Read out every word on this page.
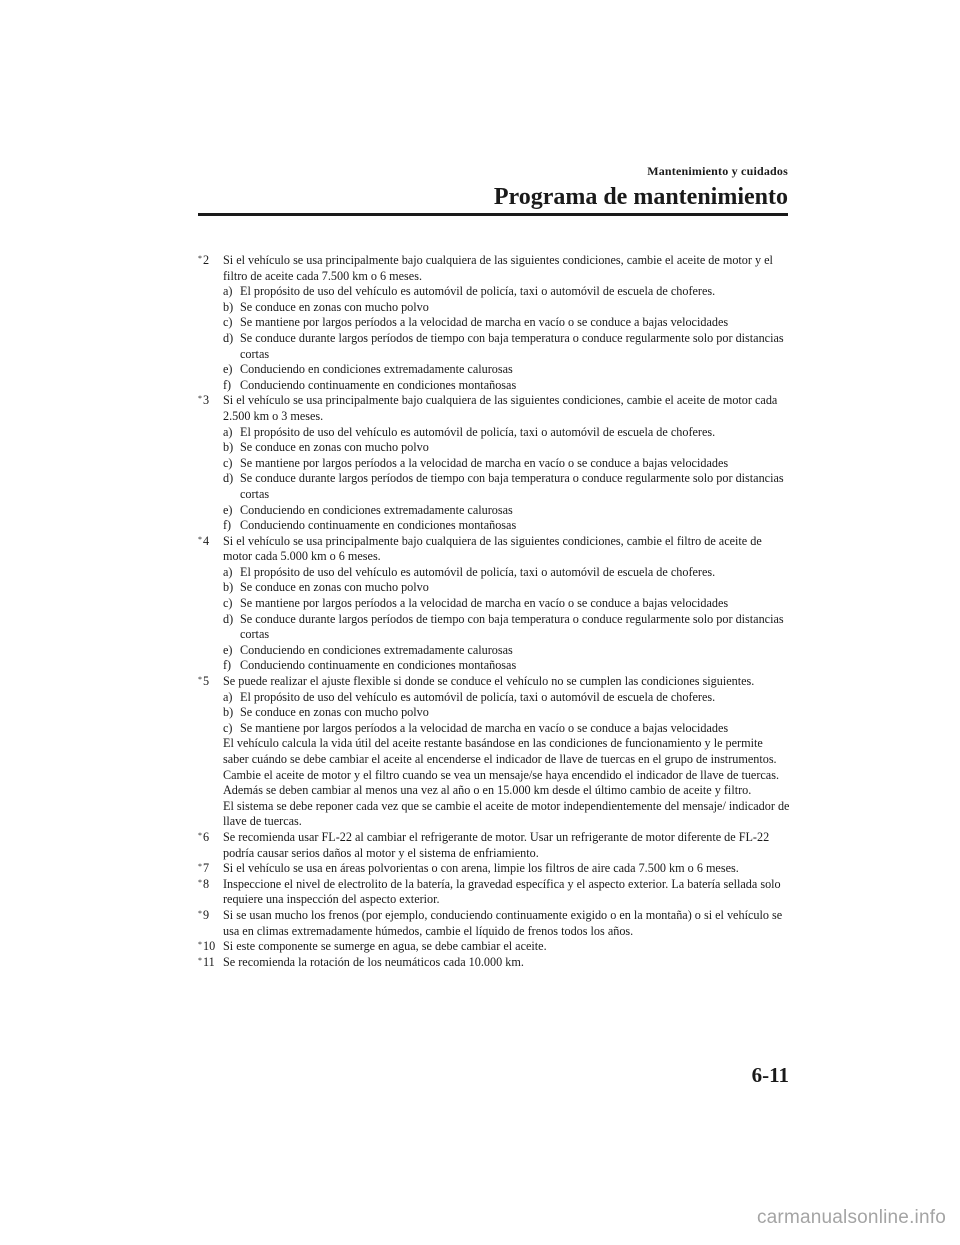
Mantenimiento y cuidados
Programa de mantenimiento
*2 Si el vehículo se usa principalmente bajo cualquiera de las siguientes condiciones, cambie el aceite de motor y el filtro de aceite cada 7.500 km o 6 meses.
a) El propósito de uso del vehículo es automóvil de policía, taxi o automóvil de escuela de choferes.
b) Se conduce en zonas con mucho polvo
c) Se mantiene por largos períodos a la velocidad de marcha en vacío o se conduce a bajas velocidades
d) Se conduce durante largos períodos de tiempo con baja temperatura o conduce regularmente solo por distancias cortas
e) Conduciendo en condiciones extremadamente calurosas
f) Conduciendo continuamente en condiciones montañosas
*3 Si el vehículo se usa principalmente bajo cualquiera de las siguientes condiciones, cambie el aceite de motor cada 2.500 km o 3 meses.
a) El propósito de uso del vehículo es automóvil de policía, taxi o automóvil de escuela de choferes.
b) Se conduce en zonas con mucho polvo
c) Se mantiene por largos períodos a la velocidad de marcha en vacío o se conduce a bajas velocidades
d) Se conduce durante largos períodos de tiempo con baja temperatura o conduce regularmente solo por distancias cortas
e) Conduciendo en condiciones extremadamente calurosas
f) Conduciendo continuamente en condiciones montañosas
*4 Si el vehículo se usa principalmente bajo cualquiera de las siguientes condiciones, cambie el filtro de aceite de motor cada 5.000 km o 6 meses.
a) El propósito de uso del vehículo es automóvil de policía, taxi o automóvil de escuela de choferes.
b) Se conduce en zonas con mucho polvo
c) Se mantiene por largos períodos a la velocidad de marcha en vacío o se conduce a bajas velocidades
d) Se conduce durante largos períodos de tiempo con baja temperatura o conduce regularmente solo por distancias cortas
e) Conduciendo en condiciones extremadamente calurosas
f) Conduciendo continuamente en condiciones montañosas
*5 Se puede realizar el ajuste flexible si donde se conduce el vehículo no se cumplen las condiciones siguientes.
a) El propósito de uso del vehículo es automóvil de policía, taxi o automóvil de escuela de choferes.
b) Se conduce en zonas con mucho polvo
c) Se mantiene por largos períodos a la velocidad de marcha en vacío o se conduce a bajas velocidades
El vehículo calcula la vida útil del aceite restante basándose en las condiciones de funcionamiento y le permite saber cuándo se debe cambiar el aceite al encenderse el indicador de llave de tuercas en el grupo de instrumentos.
Cambie el aceite de motor y el filtro cuando se vea un mensaje/se haya encendido el indicador de llave de tuercas. Además se deben cambiar al menos una vez al año o en 15.000 km desde el último cambio de aceite y filtro.
El sistema se debe reponer cada vez que se cambie el aceite de motor independientemente del mensaje/ indicador de llave de tuercas.
*6 Se recomienda usar FL-22 al cambiar el refrigerante de motor. Usar un refrigerante de motor diferente de FL-22 podría causar serios daños al motor y el sistema de enfriamiento.
*7 Si el vehículo se usa en áreas polvorientas o con arena, limpie los filtros de aire cada 7.500 km o 6 meses.
*8 Inspeccione el nivel de electrolito de la batería, la gravedad específica y el aspecto exterior. La batería sellada solo requiere una inspección del aspecto exterior.
*9 Si se usan mucho los frenos (por ejemplo, conduciendo continuamente exigido o en la montaña) o si el vehículo se usa en climas extremadamente húmedos, cambie el líquido de frenos todos los años.
*10 Si este componente se sumerge en agua, se debe cambiar el aceite.
*11 Se recomienda la rotación de los neumáticos cada 10.000 km.
6-11
carmanualsonline.info
